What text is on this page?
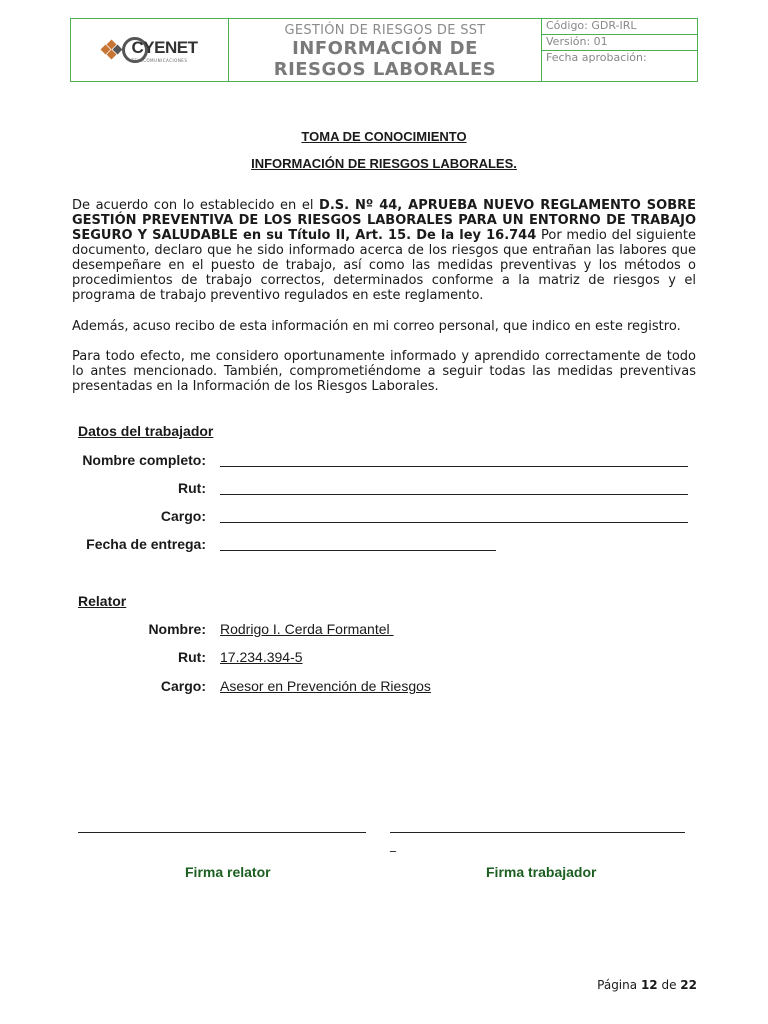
CYENET
TELECOMUNICACIONES
GESTIÓN DE RIESGOS DE SST
INFORMACIÓN DE
RIESGOS LABORALES
Código: GDR-IRL
Versión: 01
Fecha aprobación:
TOMA DE CONOCIMIENTO
INFORMACIÓN DE RIESGOS LABORALES.
De acuerdo con lo establecido en el D.S. Nº 44, APRUEBA NUEVO REGLAMENTO SOBRE GESTIÓN PREVENTIVA DE LOS RIESGOS LABORALES PARA UN ENTORNO DE TRABAJO SEGURO Y SALUDABLE en su Título II, Art. 15. De la ley 16.744 Por medio del siguiente documento, declaro que he sido informado acerca de los riesgos que entrañan las labores que desempeñare en el puesto de trabajo, así como las medidas preventivas y los métodos o procedimientos de trabajo correctos, determinados conforme a la matriz de riesgos y el programa de trabajo preventivo regulados en este reglamento.
Además, acuso recibo de esta información en mi correo personal, que indico en este registro.
Para todo efecto, me considero oportunamente informado y aprendido correctamente de todo lo antes mencionado. También, comprometiéndome a seguir todas las medidas preventivas presentadas en la Información de los Riesgos Laborales.
Datos del trabajador
Nombre completo:
Rut:
Cargo:
Fecha de entrega:
Relator
Nombre: Rodrigo I. Cerda Formantel
Rut: 17.234.394-5
Cargo: Asesor en Prevención de Riesgos
_
Firma relator	Firma trabajador
Página 12 de 22
